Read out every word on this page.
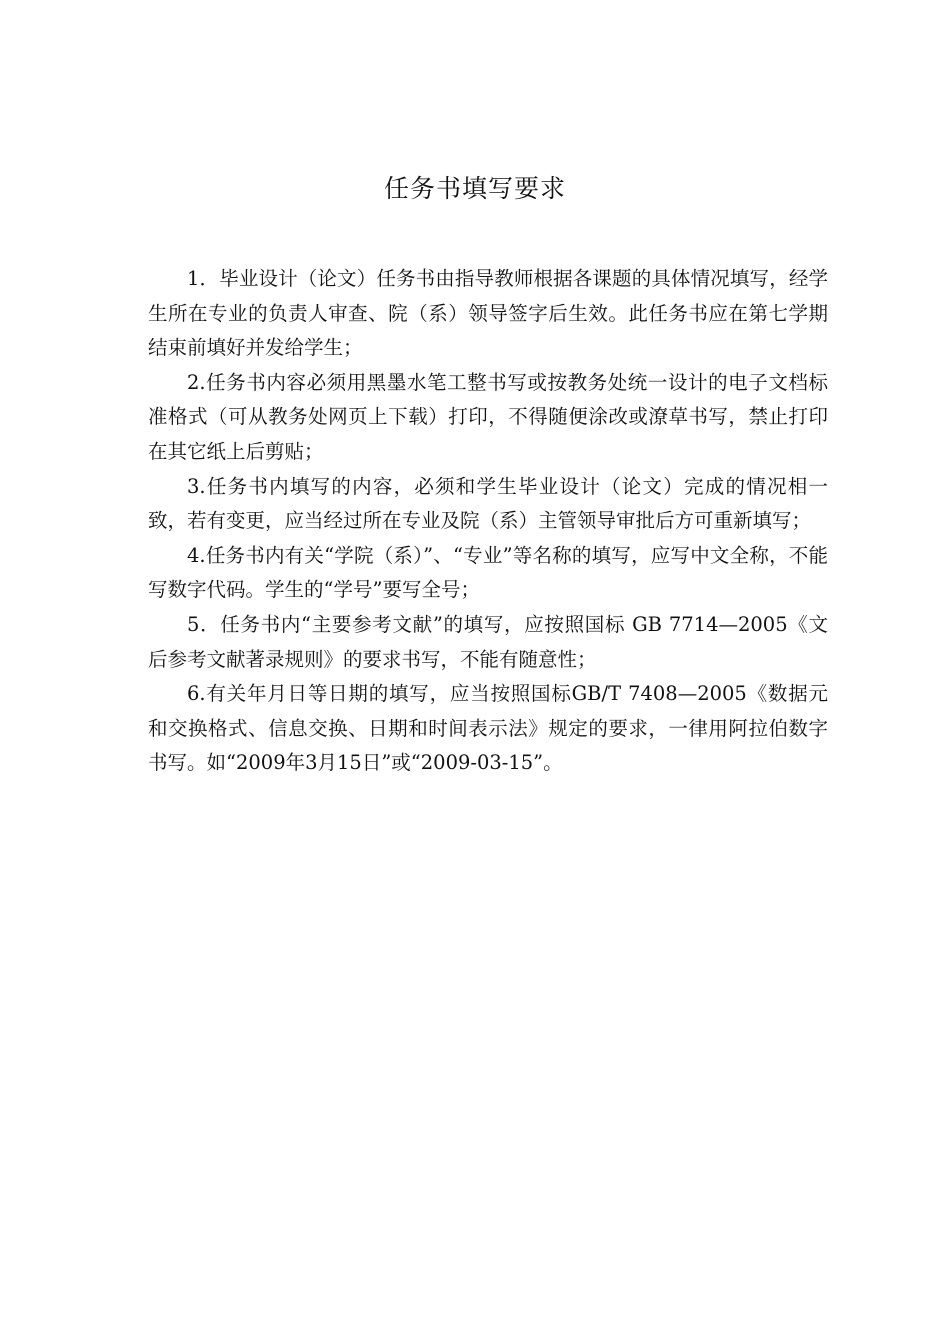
任务书填写要求

1．毕业设计（论文）任务书由指导教师根据各课题的具体情况填写，经学生所在专业的负责人审查、院（系）领导签字后生效。此任务书应在第七学期结束前填好并发给学生；

2.任务书内容必须用黑墨水笔工整书写或按教务处统一设计的电子文档标准格式（可从教务处网页上下载）打印，不得随便涂改或潦草书写，禁止打印在其它纸上后剪贴；

3.任务书内填写的内容，必须和学生毕业设计（论文）完成的情况相一致，若有变更，应当经过所在专业及院（系）主管领导审批后方可重新填写；

4.任务书内有关“学院（系）”、“专业”等名称的填写，应写中文全称，不能写数字代码。学生的“学号”要写全号；

5．任务书内“主要参考文献”的填写，应按照国标 GB 7714—2005《文后参考文献著录规则》的要求书写，不能有随意性；

6.有关年月日等日期的填写，应当按照国标GB/T 7408—2005《数据元和交换格式、信息交换、日期和时间表示法》规定的要求，一律用阿拉伯数字书写。如“2009年3月15日”或“2009-03-15”。
